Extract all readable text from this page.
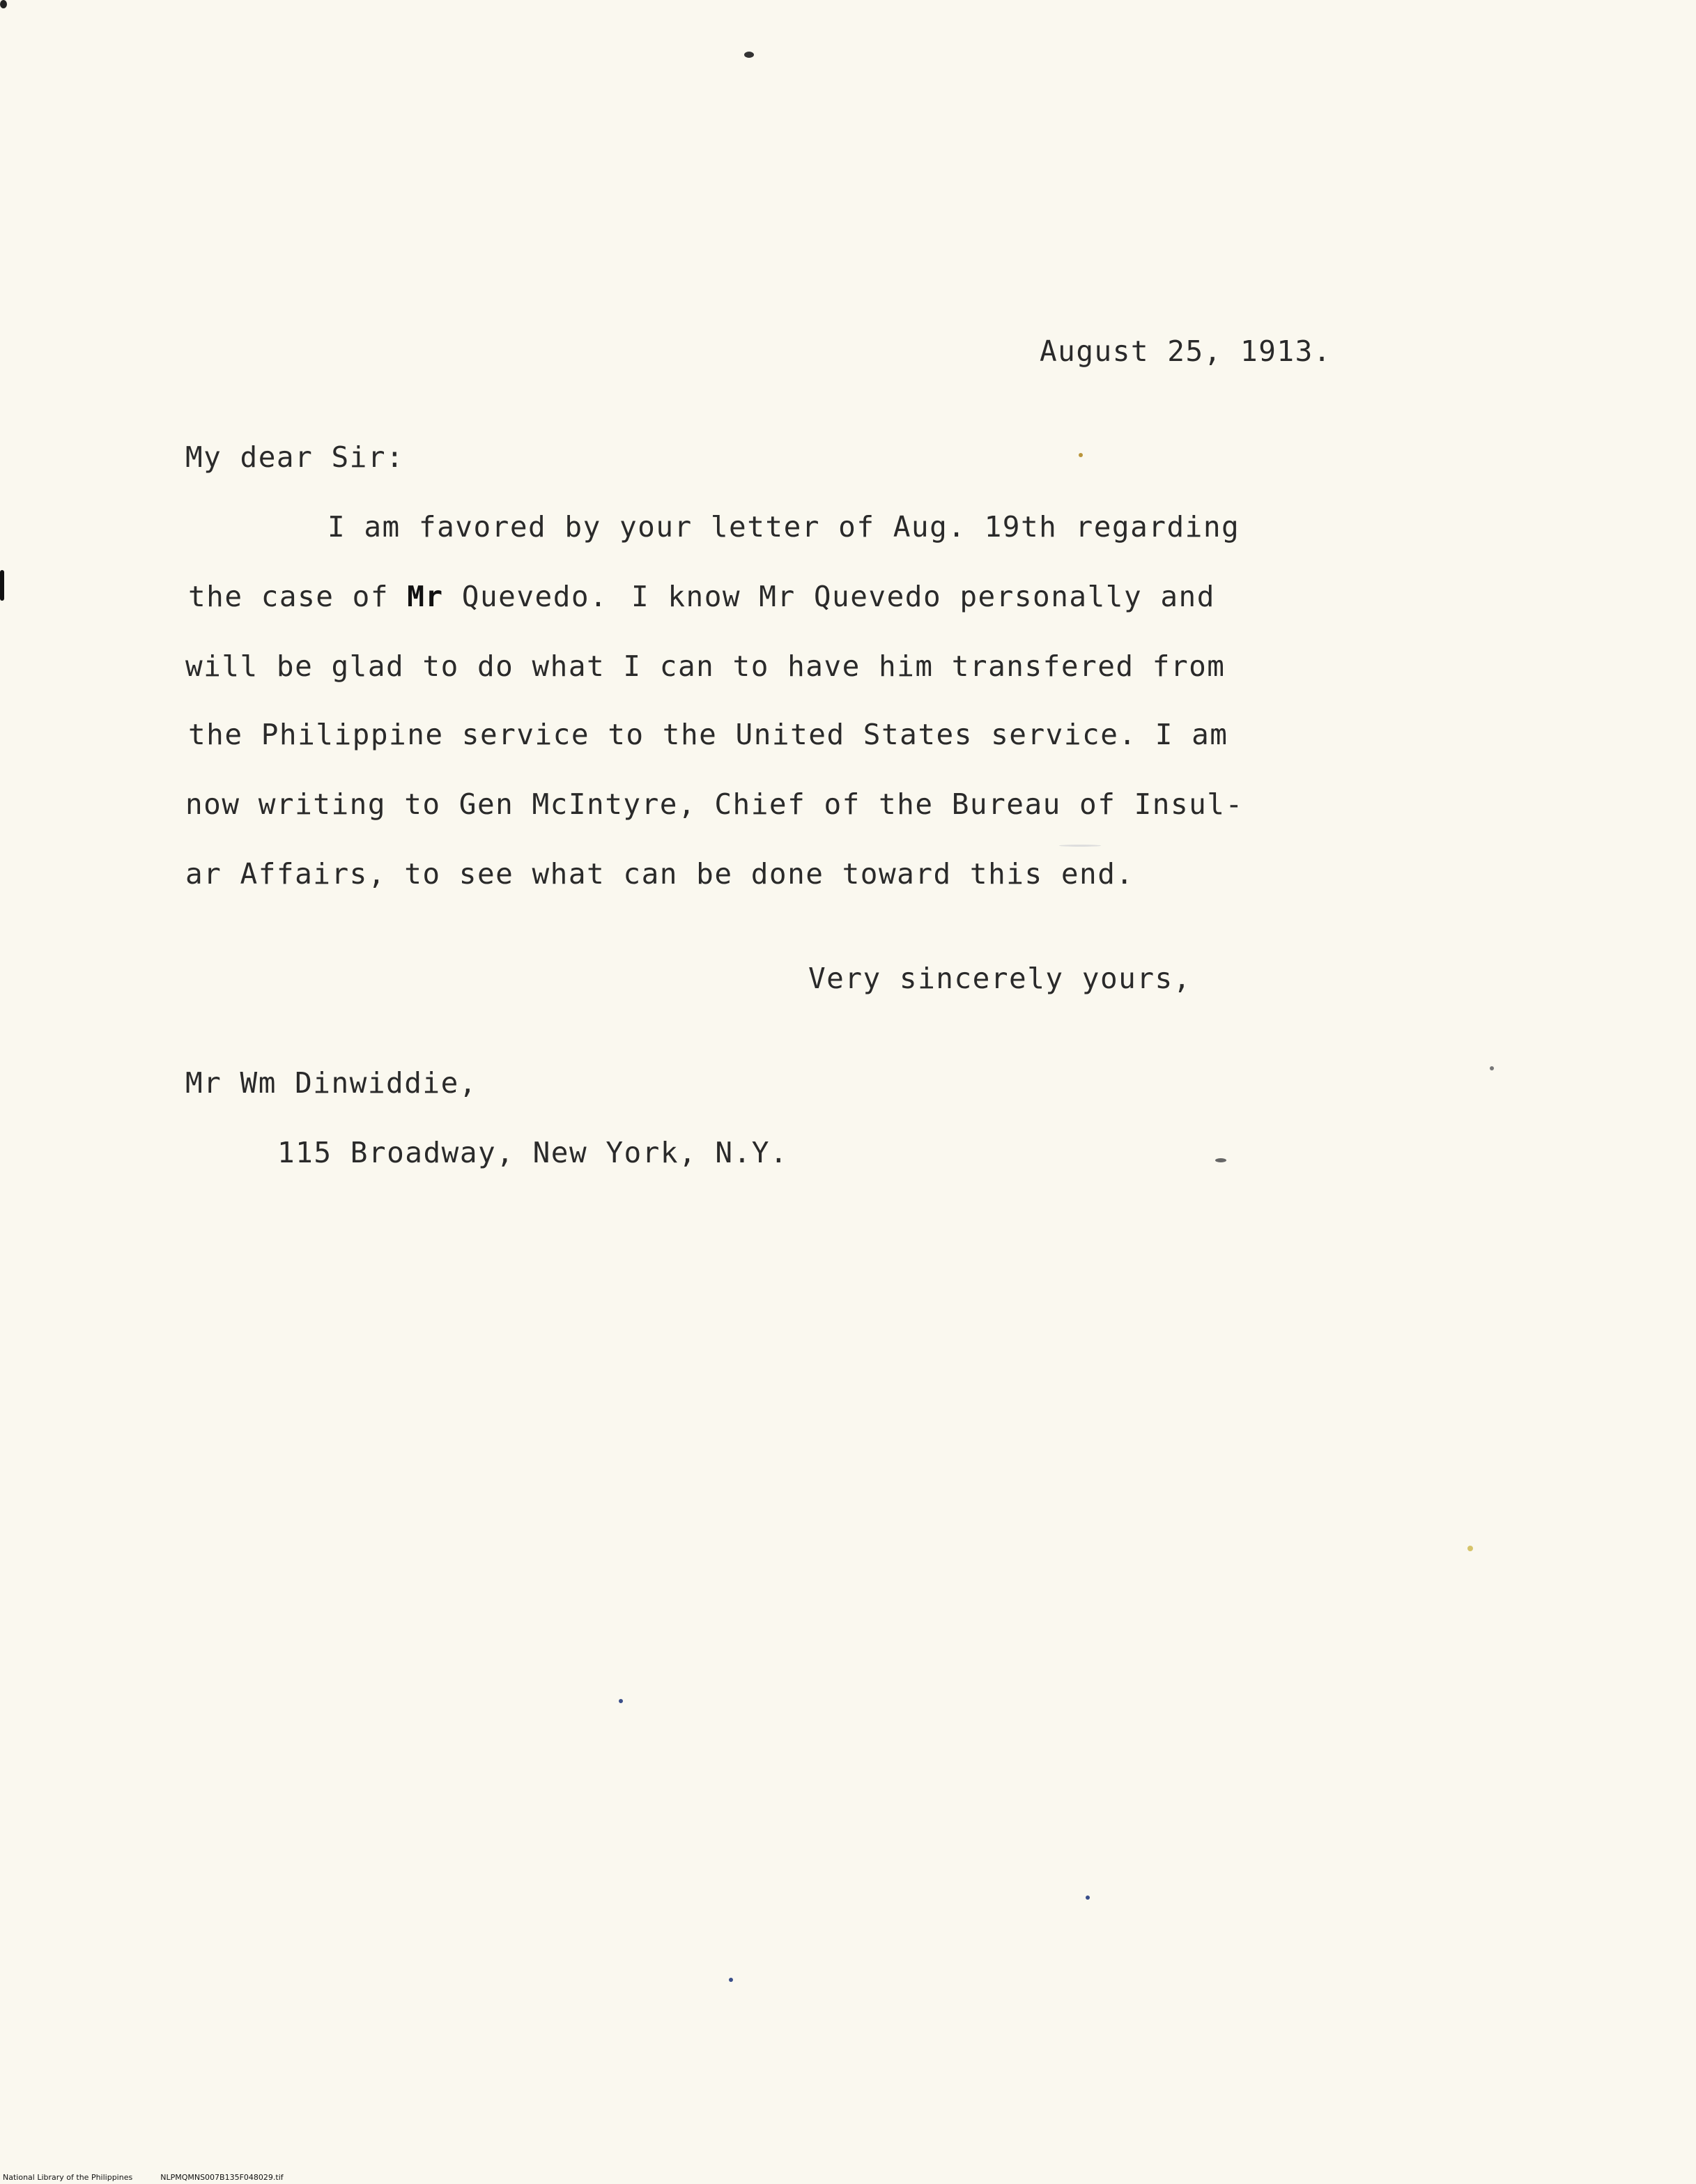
August 25, 1913.
My dear Sir:
I am favored by your letter of Aug. 19th regarding
the case of Mr Quevedo. I know Mr Quevedo personally and
will be glad to do what I can to have him transfered from
the Philippine service to the United States service. I am
now writing to Gen McIntyre, Chief of the Bureau of Insul-
ar Affairs, to see what can be done toward this end.
Very sincerely yours,
Mr Wm Dinwiddie,
115 Broadway, New York, N.Y.
National Library of the Philippines	NLPMQMNS007B135F048029.tif
